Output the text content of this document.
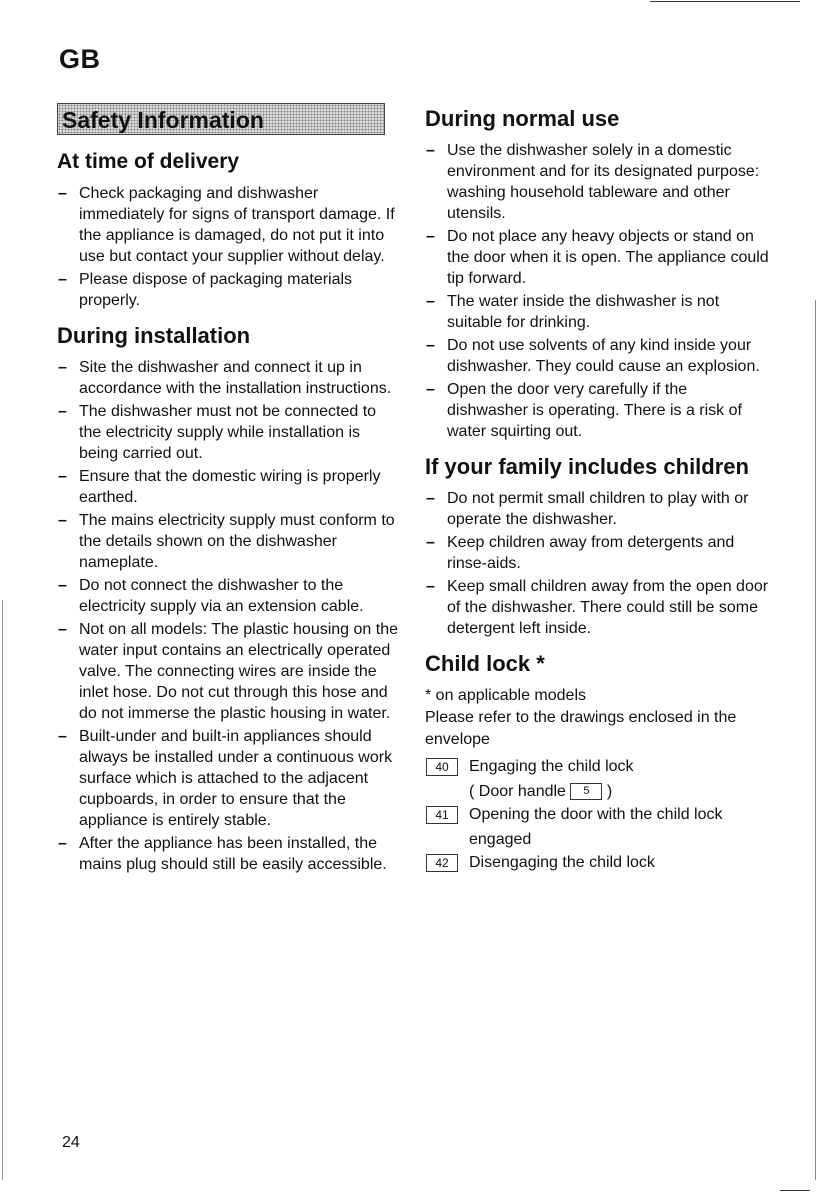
GB
Safety Information
At time of delivery
– Check packaging and dishwasher immediately for signs of transport damage. If the appliance is damaged, do not put it into use but contact your supplier without delay.
– Please dispose of packaging materials properly.
During installation
– Site the dishwasher and connect it up in accordance with the installation instructions.
– The dishwasher must not be connected to the electricity supply while installation is being carried out.
– Ensure that the domestic wiring is properly earthed.
– The mains electricity supply must conform to the details shown on the dishwasher nameplate.
– Do not connect the dishwasher to the electricity supply via an extension cable.
– Not on all models: The plastic housing on the water input contains an electrically operated valve. The connecting wires are inside the inlet hose. Do not cut through this hose and do not immerse the plastic housing in water.
– Built-under and built-in appliances should always be installed under a continuous work surface which is attached to the adjacent cupboards, in order to ensure that the appliance is entirely stable.
– After the appliance has been installed, the mains plug should still be easily accessible.
During normal use
– Use the dishwasher solely in a domestic environment and for its designated purpose: washing household tableware and other utensils.
– Do not place any heavy objects or stand on the door when it is open. The appliance could tip forward.
– The water inside the dishwasher is not suitable for drinking.
– Do not use solvents of any kind inside your dishwasher. They could cause an explosion.
– Open the door very carefully if the dishwasher is operating. There is a risk of water squirting out.
If your family includes children
– Do not permit small children to play with or operate the dishwasher.
– Keep children away from detergents and rinse-aids.
– Keep small children away from the open door of the dishwasher. There could still be some detergent left inside.
Child lock *

* on applicable models

Please refer to the drawings enclosed in the envelope

40	Engaging the child lock
( Door handle 5 )
41	Opening the door with the child lock
engaged
42	Disengaging the child lock
24
